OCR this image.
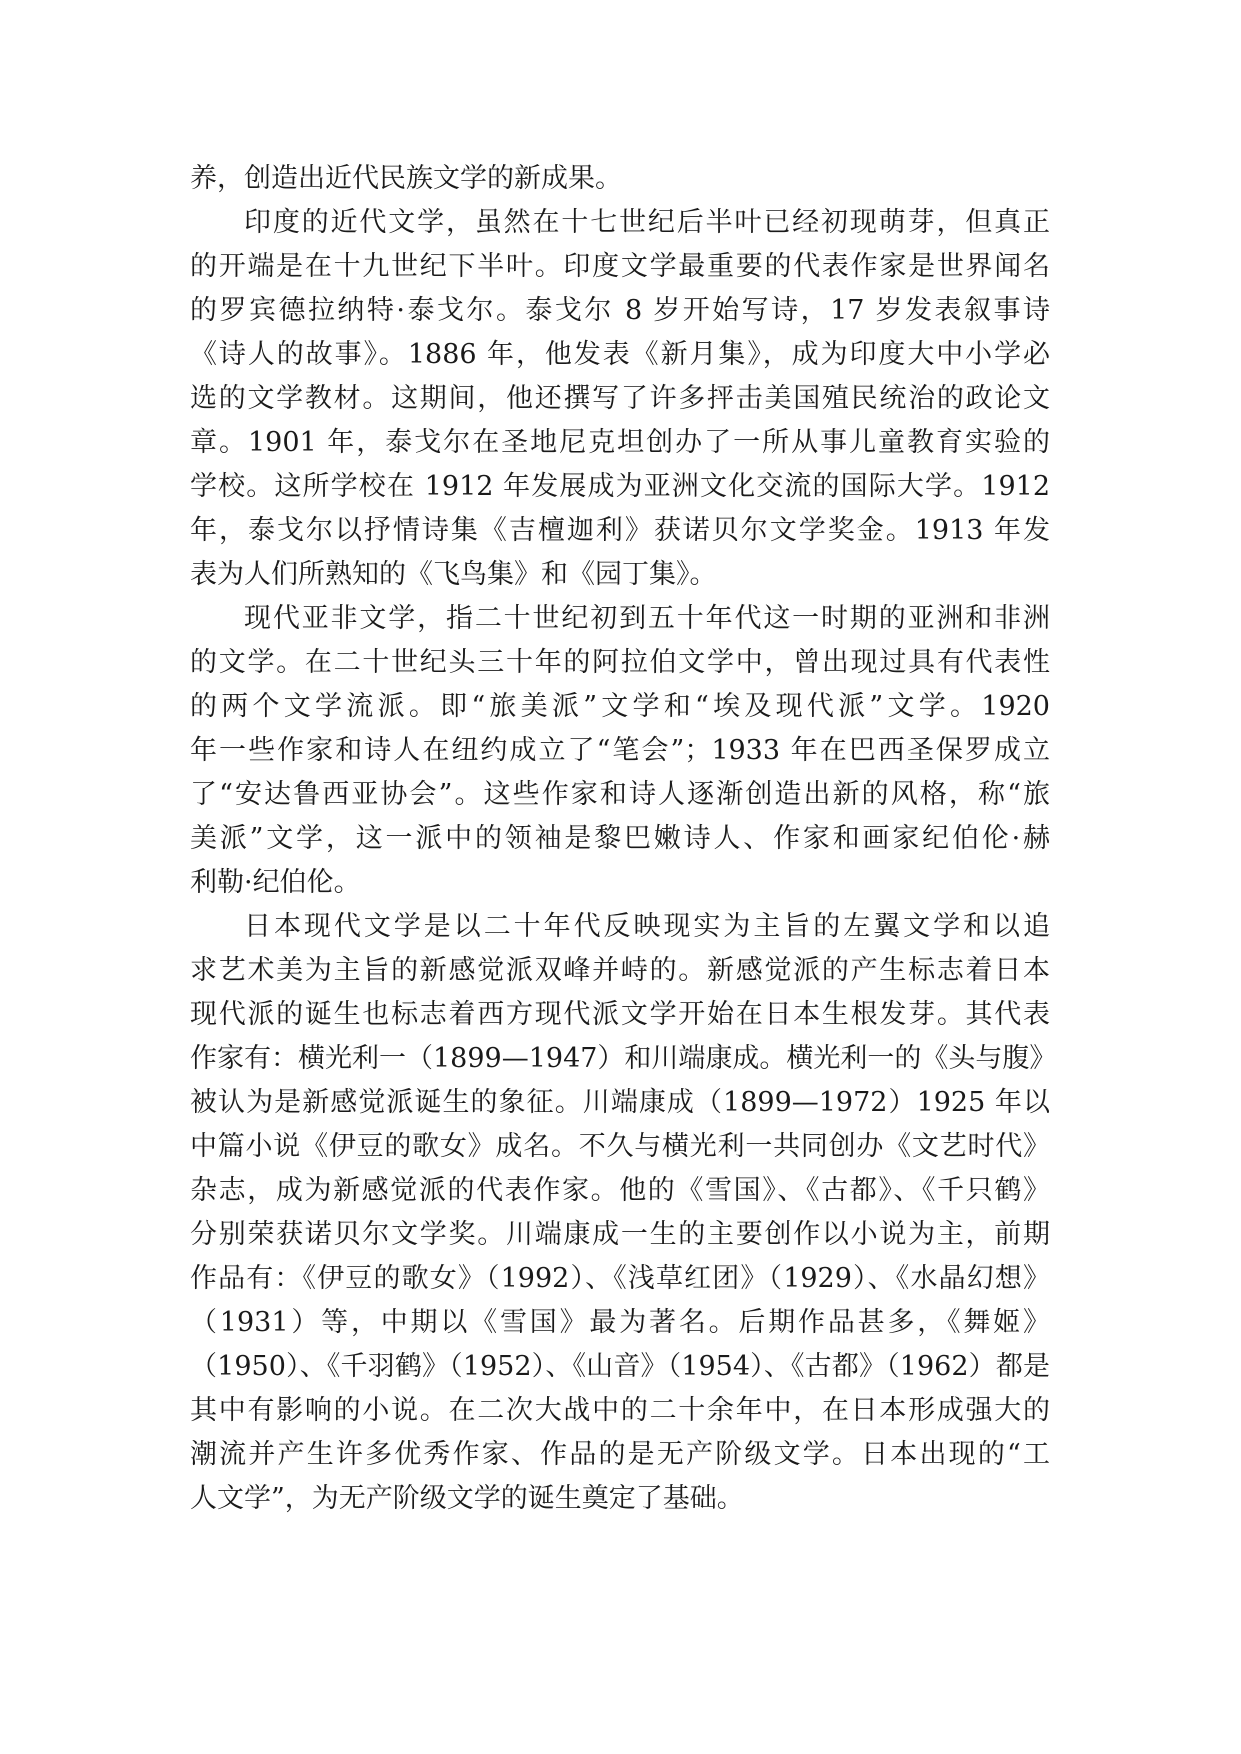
养，创造出近代民族文学的新成果。
印度的近代文学，虽然在十七世纪后半叶已经初现萌芽，但真正
的开端是在十九世纪下半叶。印度文学最重要的代表作家是世界闻名
的罗宾德拉纳特·泰戈尔。泰戈尔 8 岁开始写诗，17 岁发表叙事诗
《诗人的故事》。1886 年，他发表《新月集》，成为印度大中小学必
选的文学教材。这期间，他还撰写了许多抨击美国殖民统治的政论文
章。1901 年，泰戈尔在圣地尼克坦创办了一所从事儿童教育实验的
学校。这所学校在 1912 年发展成为亚洲文化交流的国际大学。1912
年，泰戈尔以抒情诗集《吉檀迦利》获诺贝尔文学奖金。1913 年发
表为人们所熟知的《飞鸟集》和《园丁集》。
现代亚非文学，指二十世纪初到五十年代这一时期的亚洲和非洲
的文学。在二十世纪头三十年的阿拉伯文学中，曾出现过具有代表性
的两个文学流派。即“旅美派”文学和“埃及现代派”文学。1920
年一些作家和诗人在纽约成立了“笔会”；1933 年在巴西圣保罗成立
了“安达鲁西亚协会”。这些作家和诗人逐渐创造出新的风格，称“旅
美派”文学，这一派中的领袖是黎巴嫩诗人、作家和画家纪伯伦·赫
利勒·纪伯伦。
日本现代文学是以二十年代反映现实为主旨的左翼文学和以追
求艺术美为主旨的新感觉派双峰并峙的。新感觉派的产生标志着日本
现代派的诞生也标志着西方现代派文学开始在日本生根发芽。其代表
作家有：横光利一（1899—1947）和川端康成。横光利一的《头与腹》
被认为是新感觉派诞生的象征。川端康成（1899—1972）1925 年以
中篇小说《伊豆的歌女》成名。不久与横光利一共同创办《文艺时代》
杂志，成为新感觉派的代表作家。他的《雪国》、《古都》、《千只鹤》
分别荣获诺贝尔文学奖。川端康成一生的主要创作以小说为主，前期
作品有：《伊豆的歌女》（1992）、《浅草红团》（1929）、《水晶幻想》
（1931）等，中期以《雪国》最为著名。后期作品甚多，《舞姬》
（1950）、《千羽鹤》（1952）、《山音》（1954）、《古都》（1962）都是
其中有影响的小说。在二次大战中的二十余年中，在日本形成强大的
潮流并产生许多优秀作家、作品的是无产阶级文学。日本出现的“工
人文学”，为无产阶级文学的诞生奠定了基础。
